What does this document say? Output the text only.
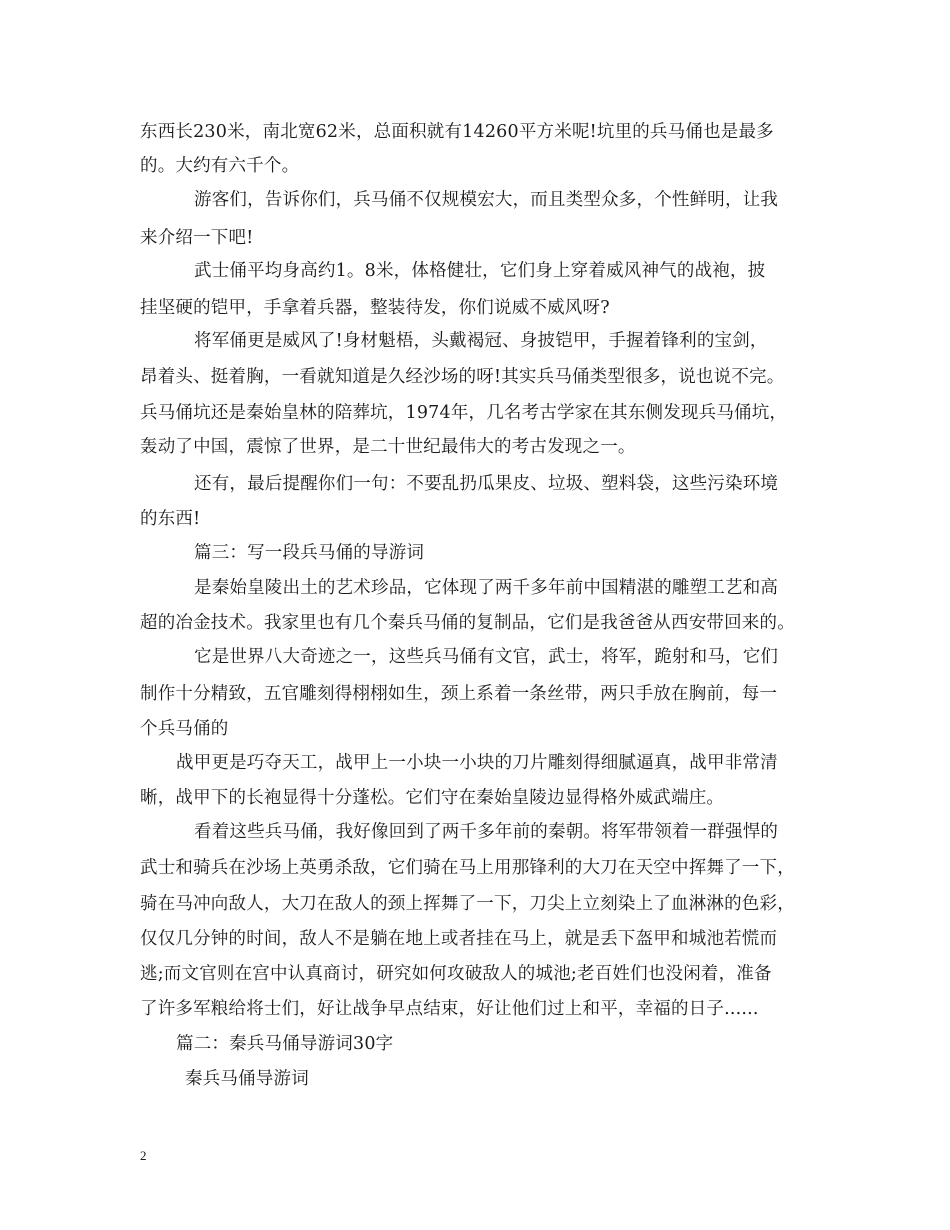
东西长230米，南北宽62米，总面积就有14260平方米呢!坑里的兵马俑也是最多
的。大约有六千个。
游客们，告诉你们，兵马俑不仅规模宏大，而且类型众多，个性鲜明，让我
来介绍一下吧!
武士俑平均身高约1。8米，体格健壮，它们身上穿着威风神气的战袍，披
挂坚硬的铠甲，手拿着兵器，整装待发，你们说威不威风呀?
将军俑更是威风了!身材魁梧，头戴褐冠、身披铠甲，手握着锋利的宝剑，
昂着头、挺着胸，一看就知道是久经沙场的呀!其实兵马俑类型很多，说也说不完。
兵马俑坑还是秦始皇林的陪葬坑，1974年，几名考古学家在其东侧发现兵马俑坑，
轰动了中国，震惊了世界，是二十世纪最伟大的考古发现之一。
还有，最后提醒你们一句：不要乱扔瓜果皮、垃圾、塑料袋，这些污染环境
的东西!
篇三：写一段兵马俑的导游词
是秦始皇陵出土的艺术珍品，它体现了两千多年前中国精湛的雕塑工艺和高
超的冶金技术。我家里也有几个秦兵马俑的复制品，它们是我爸爸从西安带回来的。
它是世界八大奇迹之一，这些兵马俑有文官，武士，将军，跪射和马，它们
制作十分精致，五官雕刻得栩栩如生，颈上系着一条丝带，两只手放在胸前，每一
个兵马俑的
战甲更是巧夺天工，战甲上一小块一小块的刀片雕刻得细腻逼真，战甲非常清
晰，战甲下的长袍显得十分蓬松。它们守在秦始皇陵边显得格外威武端庄。
看着这些兵马俑，我好像回到了两千多年前的秦朝。将军带领着一群强悍的
武士和骑兵在沙场上英勇杀敌，它们骑在马上用那锋利的大刀在天空中挥舞了一下，
骑在马冲向敌人，大刀在敌人的颈上挥舞了一下，刀尖上立刻染上了血淋淋的色彩，
仅仅几分钟的时间，敌人不是躺在地上或者挂在马上，就是丢下盔甲和城池若慌而
逃;而文官则在宫中认真商讨，研究如何攻破敌人的城池;老百姓们也没闲着，准备
了许多军粮给将士们，好让战争早点结束，好让他们过上和平，幸福的日子......
篇二：秦兵马俑导游词30字
秦兵马俑导游词
2
